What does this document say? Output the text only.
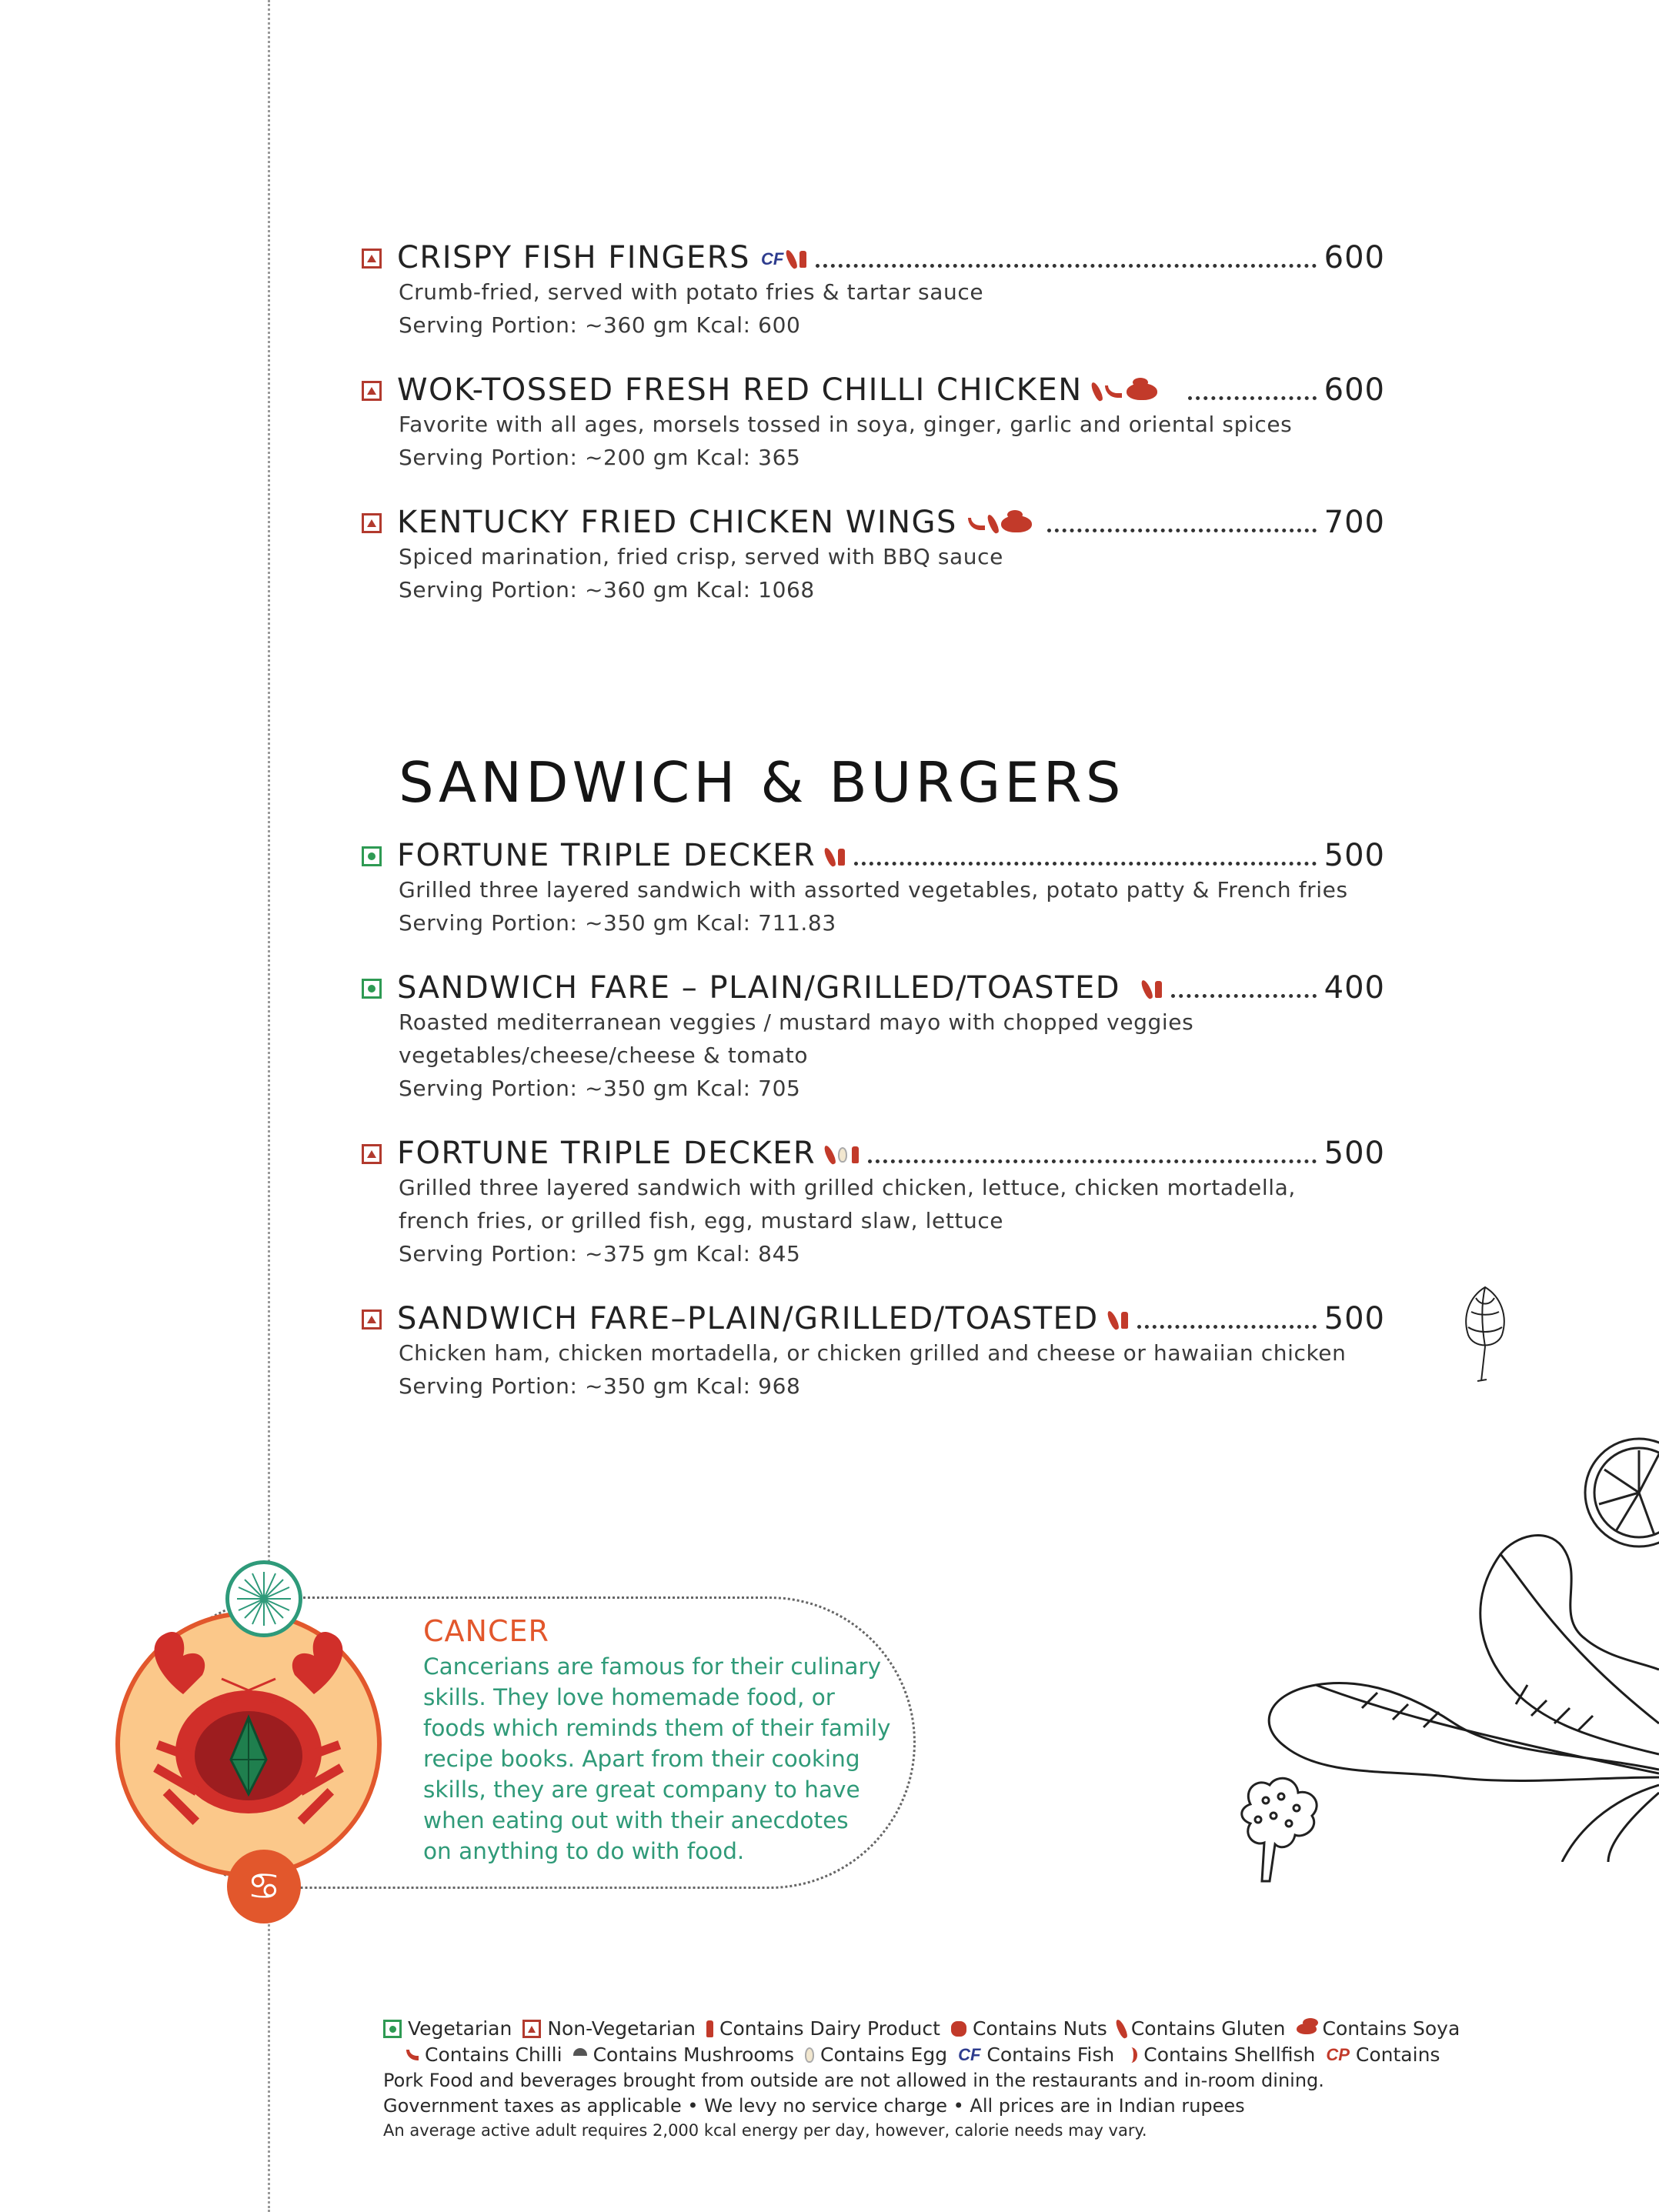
CRISPY FISH FINGERS CF	600
Crumb-fried, served with potato fries & tartar sauce
Serving Portion: ~360 gm Kcal: 600
WOK-TOSSED FRESH RED CHILLI CHICKEN	600
Favorite with all ages, morsels tossed in soya, ginger, garlic and oriental spices
Serving Portion: ~200 gm Kcal: 365
KENTUCKY FRIED CHICKEN WINGS	700
Spiced marination, fried crisp, served with BBQ sauce
Serving Portion: ~360 gm Kcal: 1068
SANDWICH & BURGERS
FORTUNE TRIPLE DECKER	500
Grilled three layered sandwich with assorted vegetables, potato patty & French fries
Serving Portion: ~350 gm Kcal: 711.83
SANDWICH FARE – PLAIN/GRILLED/TOASTED	400
Roasted mediterranean veggies / mustard mayo with chopped veggies
vegetables/cheese/cheese & tomato
Serving Portion: ~350 gm Kcal: 705
FORTUNE TRIPLE DECKER	500
Grilled three layered sandwich with grilled chicken, lettuce, chicken mortadella,
french fries, or grilled fish, egg, mustard slaw, lettuce
Serving Portion: ~375 gm Kcal: 845
SANDWICH FARE–PLAIN/GRILLED/TOASTED	500
Chicken ham, chicken mortadella, or chicken grilled and cheese or hawaiian chicken
Serving Portion: ~350 gm Kcal: 968
♋
CANCER
Cancerians are famous for their culinary
skills. They love homemade food, or
foods which reminds them of their family
recipe books. Apart from their cooking
skills, they are great company to have
when eating out with their anecdotes
on anything to do with food.
Vegetarian Non-Vegetarian Contains Dairy Product Contains Nuts Contains Gluten Contains Soya
Contains Chilli Contains Mushrooms Contains Egg CF Contains Fish Contains Shellfish CP Contains
Pork Food and beverages brought from outside are not allowed in the restaurants and in-room dining.
Government taxes as applicable • We levy no service charge • All prices are in Indian rupees
An average active adult requires 2,000 kcal energy per day, however, calorie needs may vary.
